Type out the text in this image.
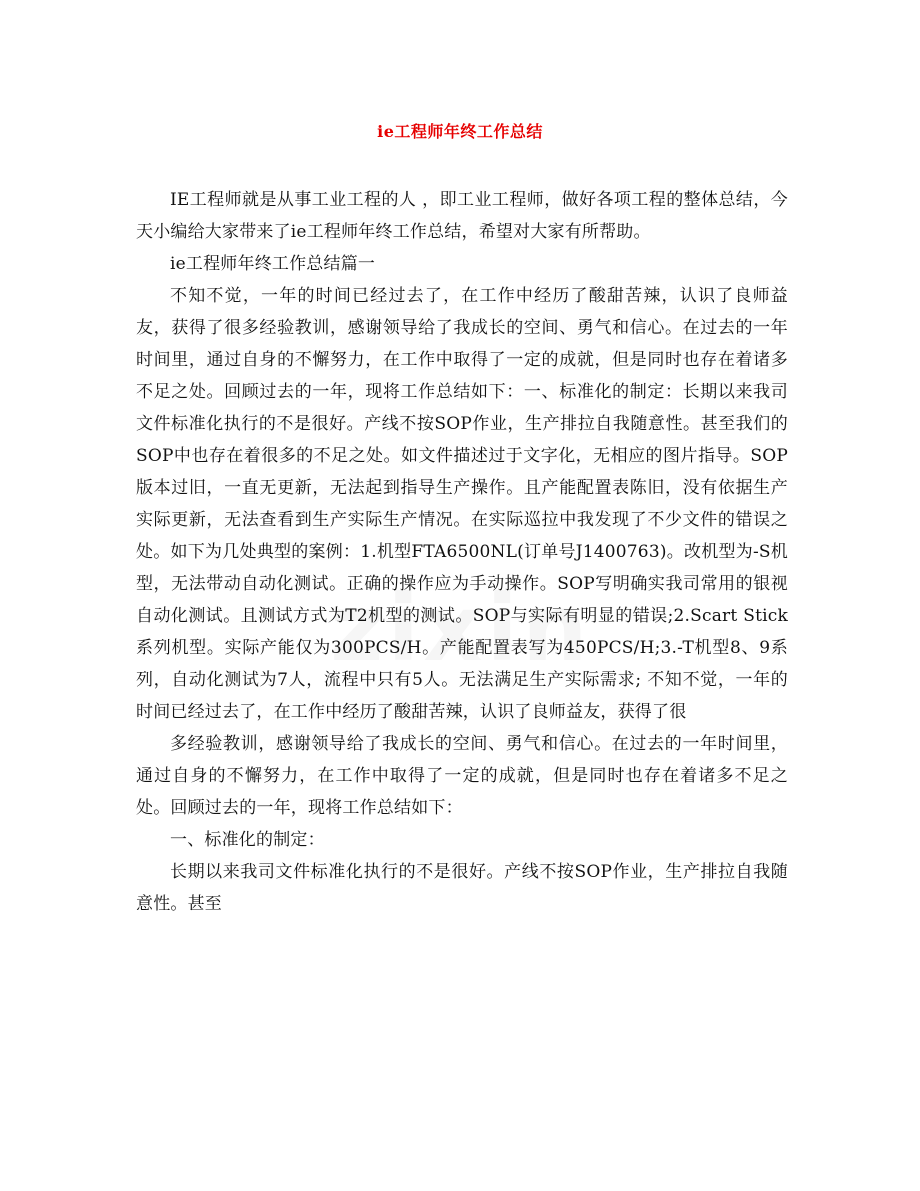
ie工程师年终工作总结

IE工程师就是从事工业工程的人 ，即工业工程师，做好各项工程的整体总结，今天小编给大家带来了ie工程师年终工作总结，希望对大家有所帮助。

ie工程师年终工作总结篇一

不知不觉，一年的时间已经过去了，在工作中经历了酸甜苦辣，认识了良师益友，获得了很多经验教训，感谢领导给了我成长的空间、勇气和信心。在过去的一年时间里，通过自身的不懈努力，在工作中取得了一定的成就，但是同时也存在着诸多不足之处。回顾过去的一年，现将工作总结如下：一、标准化的制定：长期以来我司文件标准化执行的不是很好。产线不按SOP作业，生产排拉自我随意性。甚至我们的SOP中也存在着很多的不足之处。如文件描述过于文字化，无相应的图片指导。SOP版本过旧，一直无更新，无法起到指导生产操作。且产能配置表陈旧，没有依据生产实际更新，无法查看到生产实际生产情况。在实际巡拉中我发现了不少文件的错误之处。如下为几处典型的案例：1.机型FTA6500NL(订单号J1400763)。改机型为-S机型，无法带动自动化测试。正确的操作应为手动操作。SOP写明确实我司常用的银视自动化测试。且测试方式为T2机型的测试。SOP与实际有明显的错误;2.Scart Stick系列机型。实际产能仅为300PCS/H。产能配置表写为450PCS/H;3.-T机型8、9系列，自动化测试为7人，流程中只有5人。无法满足生产实际需求; 不知不觉，一年的时间已经过去了，在工作中经历了酸甜苦辣，认识了良师益友，获得了很

多经验教训，感谢领导给了我成长的空间、勇气和信心。在过去的一年时间里，通过自身的不懈努力，在工作中取得了一定的成就，但是同时也存在着诸多不足之处。回顾过去的一年，现将工作总结如下：

一、标准化的制定：

长期以来我司文件标准化执行的不是很好。产线不按SOP作业，生产排拉自我随意性。甚至
